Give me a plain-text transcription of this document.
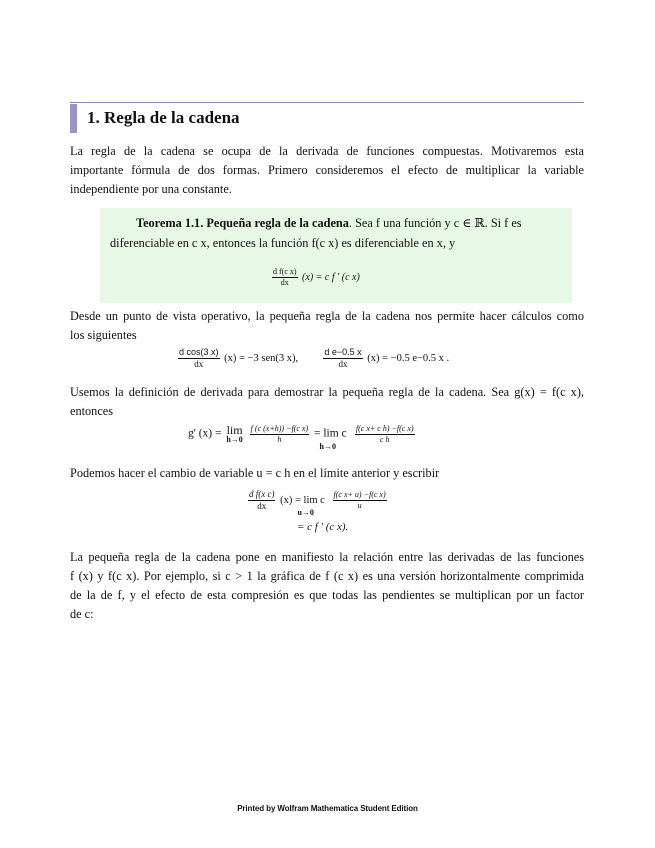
1. Regla de la cadena
La regla de la cadena se ocupa de la derivada de funciones compuestas. Motivaremos esta
importante fórmula de dos formas. Primero consideremos el efecto de multiplicar la variable
independiente por una constante.
Teorema 1.1. Pequeña regla de la cadena. Sea f una función y c ∈ ℝ. Si f es
diferenciable en c x, entonces la función f(c x) es diferenciable en x, y
$\frac{\text{d f(c x)}}{dx} (x) = c$ f ' (c x)
Desde un punto de vista operativo, la pequeña regla de la cadena nos permite hacer cálculos como
los siguientes
$\frac{\text{d cos(3 x)}}{dx} (x) = -3$ sen(3 x),	$\frac{\text{d e−0.5 x}}{dx} (x) = -0.5$ e−0.5 x .
Usemos la definición de derivada para demostrar la pequeña regla de la cadena. Sea g(x) = f(c x),
entonces
g' (x) = lim
h→0
$\frac{\text{f (c (x+h)) −f(c x)}}{h} = \lim c$
h→0

$\frac{\text{f(c x+ c h) −f(c x)}}{\text{c h}}$
Podemos hacer el cambio de variable u = c h en el límite anterior y escribir
$\frac{\text{d f(x c)}}{dx} (x) = \lim c$
u→0

$\frac{\text{f(c x+ u) −f(c x)}}{u}$
= c f ' (c x).
La pequeña regla de la cadena pone en manifiesto la relación entre las derivadas de las funciones
f (x) y f(c x). Por ejemplo, si c > 1 la gráfica de f (c x) es una versión horizontalmente comprimida
de la de f, y el efecto de esta compresión es que todas las pendientes se multiplican por un factor
de c:
Printed by Wolfram Mathematica Student Edition
